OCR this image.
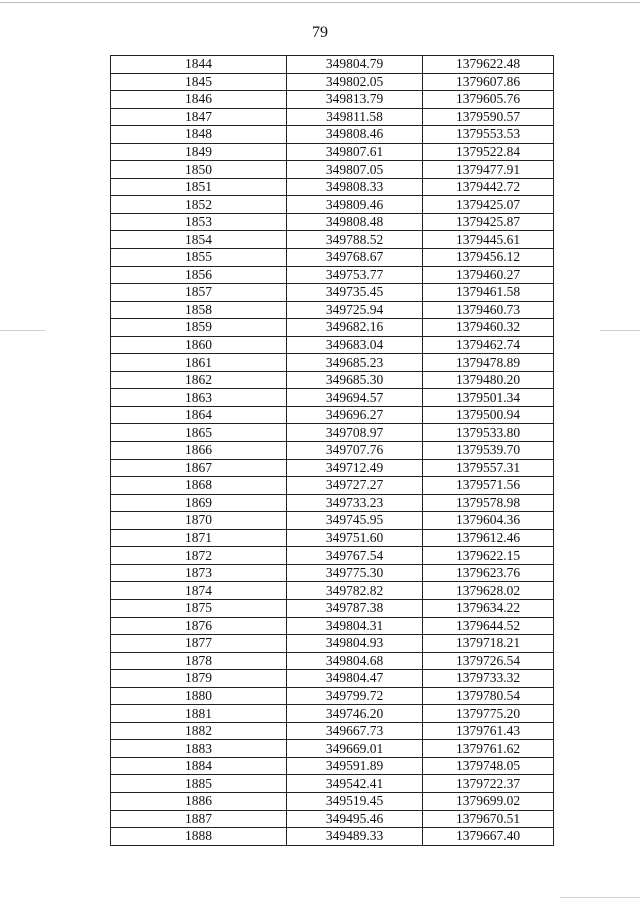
79
1844	349804.79	1379622.48
1845	349802.05	1379607.86
1846	349813.79	1379605.76
1847	349811.58	1379590.57
1848	349808.46	1379553.53
1849	349807.61	1379522.84
1850	349807.05	1379477.91
1851	349808.33	1379442.72
1852	349809.46	1379425.07
1853	349808.48	1379425.87
1854	349788.52	1379445.61
1855	349768.67	1379456.12
1856	349753.77	1379460.27
1857	349735.45	1379461.58
1858	349725.94	1379460.73
1859	349682.16	1379460.32
1860	349683.04	1379462.74
1861	349685.23	1379478.89
1862	349685.30	1379480.20
1863	349694.57	1379501.34
1864	349696.27	1379500.94
1865	349708.97	1379533.80
1866	349707.76	1379539.70
1867	349712.49	1379557.31
1868	349727.27	1379571.56
1869	349733.23	1379578.98
1870	349745.95	1379604.36
1871	349751.60	1379612.46
1872	349767.54	1379622.15
1873	349775.30	1379623.76
1874	349782.82	1379628.02
1875	349787.38	1379634.22
1876	349804.31	1379644.52
1877	349804.93	1379718.21
1878	349804.68	1379726.54
1879	349804.47	1379733.32
1880	349799.72	1379780.54
1881	349746.20	1379775.20
1882	349667.73	1379761.43
1883	349669.01	1379761.62
1884	349591.89	1379748.05
1885	349542.41	1379722.37
1886	349519.45	1379699.02
1887	349495.46	1379670.51
1888	349489.33	1379667.40
